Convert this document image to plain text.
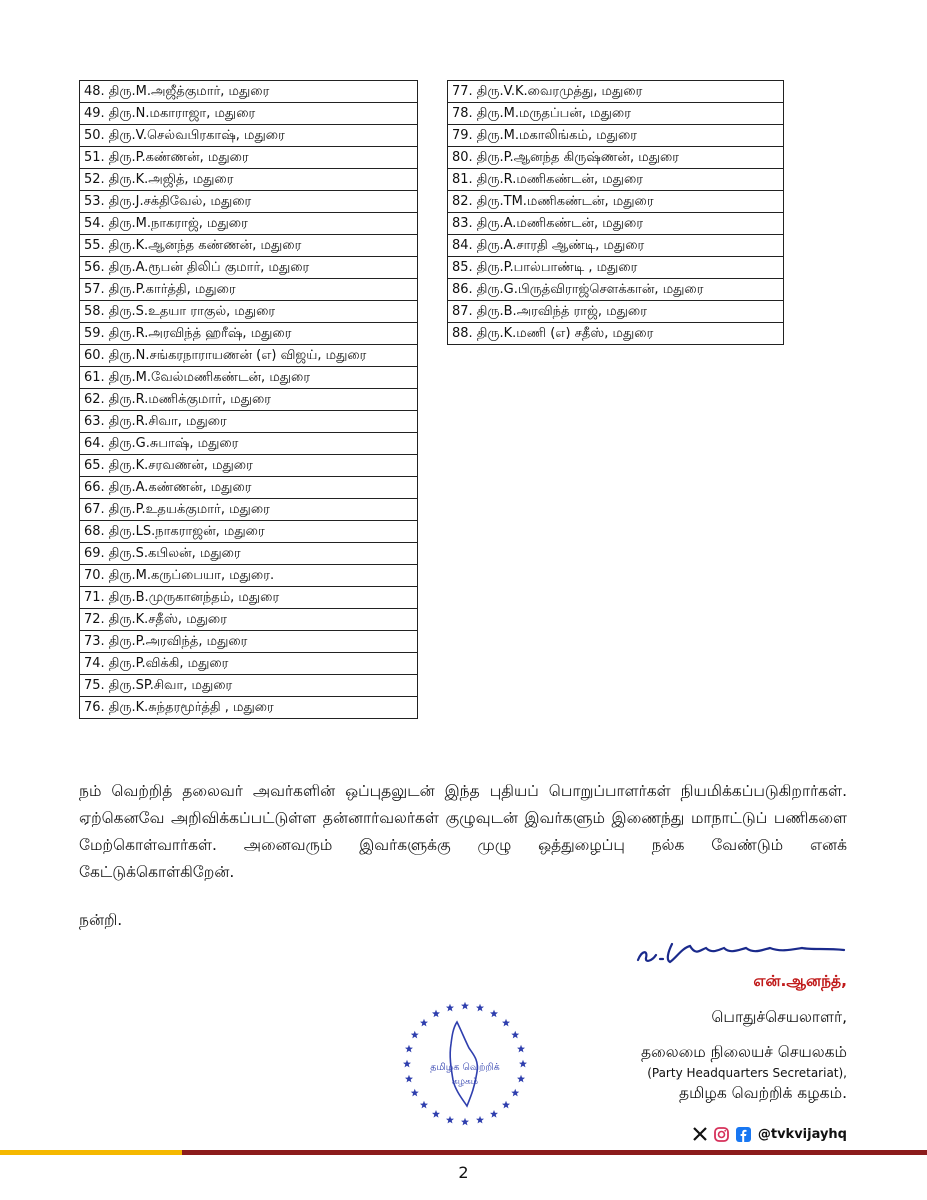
48. திரு.M.அஜீத்குமார், மதுரை
49. திரு.N.மகாராஜா, மதுரை
50. திரு.V.செல்வபிரகாஷ், மதுரை
51. திரு.P.கண்ணன், மதுரை
52. திரு.K.அஜித், மதுரை
53. திரு.J.சக்திவேல், மதுரை
54. திரு.M.நாகராஜ், மதுரை
55. திரு.K.ஆனந்த கண்ணன், மதுரை
56. திரு.A.ரூபன் திலிப் குமார், மதுரை
57. திரு.P.கார்த்தி, மதுரை
58. திரு.S.உதயா ராகுல், மதுரை
59. திரு.R.அரவிந்த் ஹரீஷ், மதுரை
60. திரு.N.சங்கரநாராயணன் (எ) விஜய், மதுரை
61. திரு.M.வேல்மணிகண்டன், மதுரை
62. திரு.R.மணிக்குமார், மதுரை
63. திரு.R.சிவா, மதுரை
64. திரு.G.சுபாஷ், மதுரை
65. திரு.K.சரவணன், மதுரை
66. திரு.A.கண்ணன், மதுரை
67. திரு.P.உதயக்குமார், மதுரை
68. திரு.LS.நாகராஜன், மதுரை
69. திரு.S.கபிலன், மதுரை
70. திரு.M.கருப்பையா, மதுரை.
71. திரு.B.முருகானந்தம், மதுரை
72. திரு.K.சதீஸ், மதுரை
73. திரு.P.அரவிந்த், மதுரை
74. திரு.P.விக்கி, மதுரை
75. திரு.SP.சிவா, மதுரை
76. திரு.K.சுந்தரமூர்த்தி , மதுரை
77. திரு.V.K.வைரமுத்து, மதுரை
78. திரு.M.மருதப்பன், மதுரை
79. திரு.M.மகாலிங்கம், மதுரை
80. திரு.P.ஆனந்த கிருஷ்ணன், மதுரை
81. திரு.R.மணிகண்டன், மதுரை
82. திரு.TM.மணிகண்டன், மதுரை
83. திரு.A.மணிகண்டன், மதுரை
84. திரு.A.சாரதி ஆண்டி, மதுரை
85. திரு.P.பால்பாண்டி , மதுரை
86. திரு.G.பிருத்விராஜ்சௌக்கான், மதுரை
87. திரு.B.அரவிந்த் ராஜ், மதுரை
88. திரு.K.மணி (எ) சதீஸ், மதுரை

நம் வெற்றித் தலைவர் அவர்களின் ஒப்புதலுடன் இந்த புதியப் பொறுப்பாளர்கள் நியமிக்கப்படுகிறார்கள். ஏற்கெனவே அறிவிக்கப்பட்டுள்ள தன்னார்வலர்கள் குழுவுடன் இவர்களும் இணைந்து மாநாட்டுப் பணிகளை மேற்கொள்வார்கள். அனைவரும் இவர்களுக்கு முழு ஒத்துழைப்பு நல்க வேண்டும் எனக் கேட்டுக்கொள்கிறேன்.

நன்றி.

என்.ஆனந்த்,

பொதுச்செயலாளர்,

தலைமை நிலையச் செயலகம்

(Party Headquarters Secretariat),

தமிழக வெற்றிக் கழகம்.

தமிழக வெற்றிக்
கழகம்
@tvkvijayhq
2
